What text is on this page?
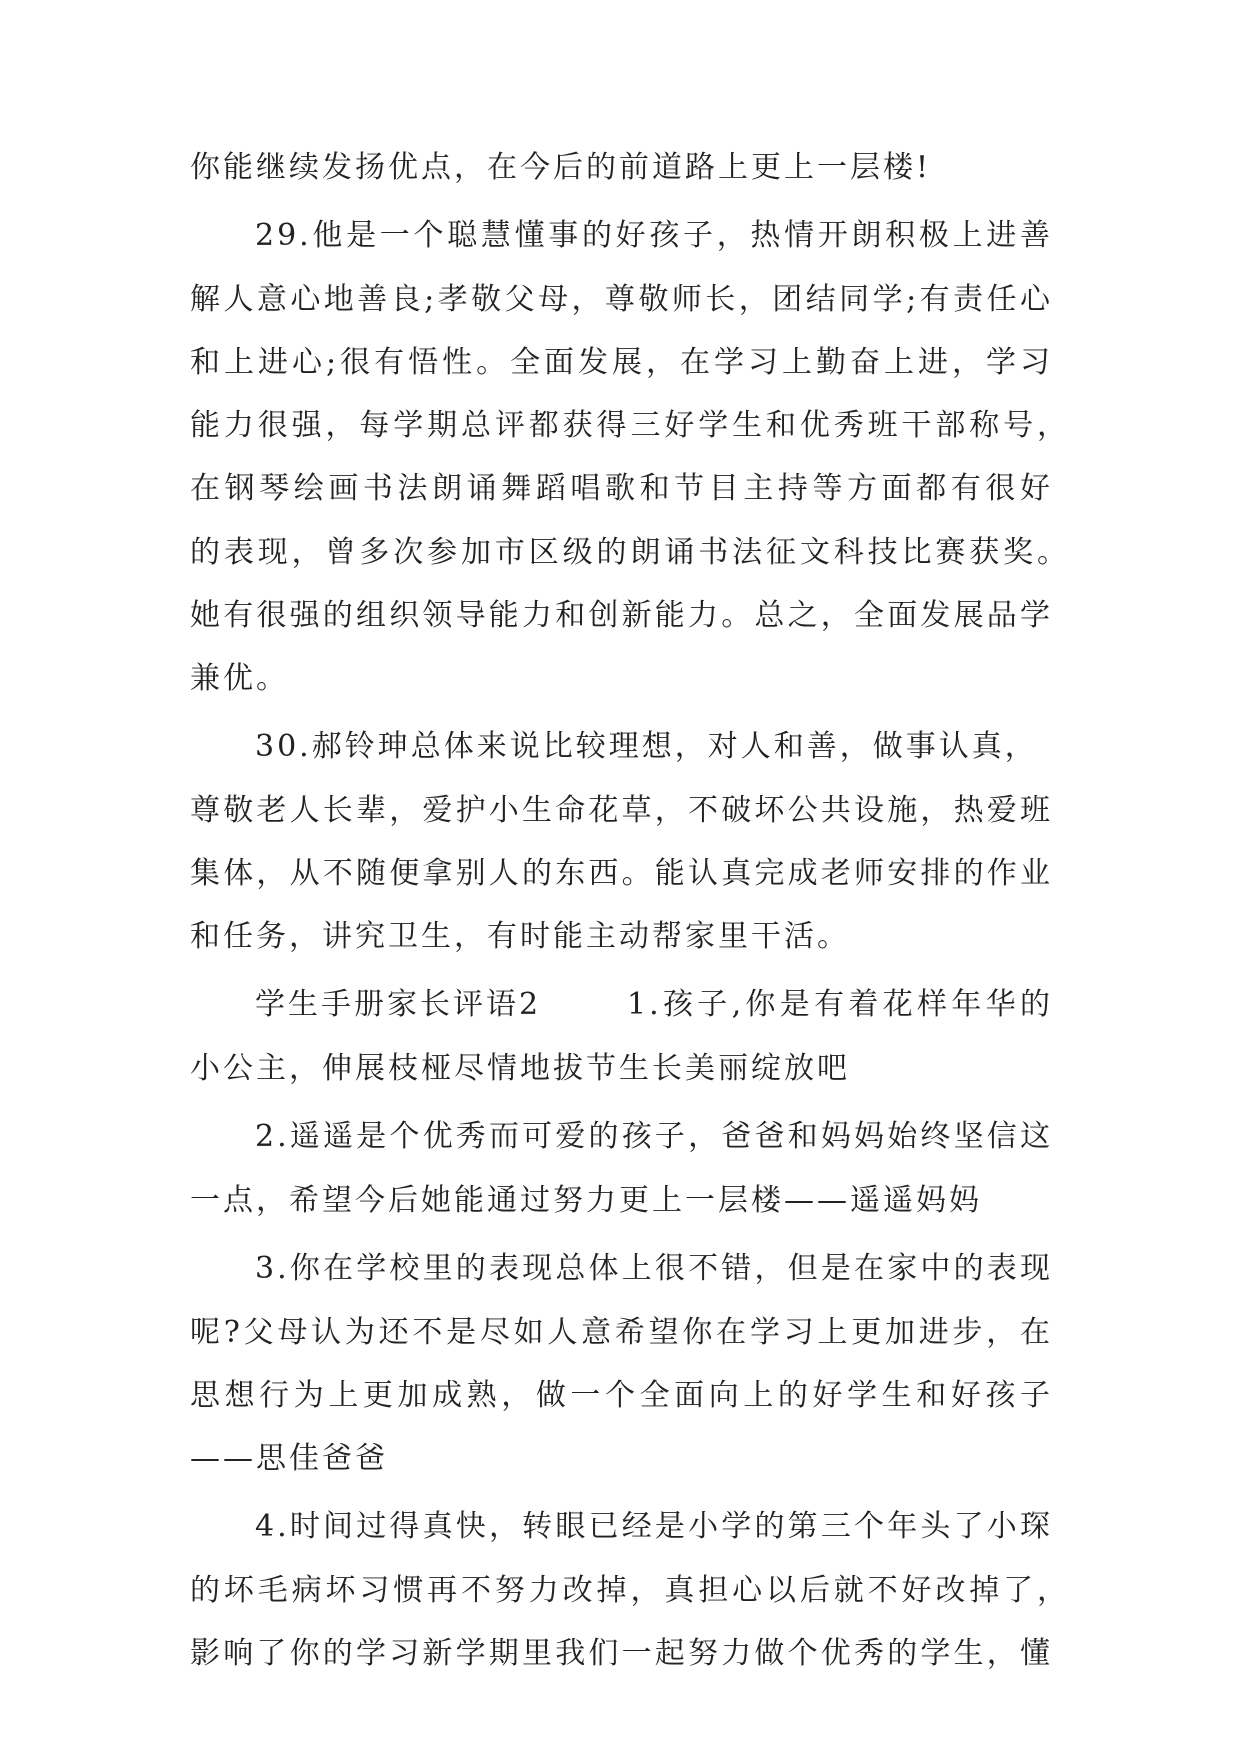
你能继续发扬优点，在今后的前道路上更上一层楼!
29.他是一个聪慧懂事的好孩子，热情开朗积极上进善
解人意心地善良;孝敬父母，尊敬师长，团结同学;有责任心
和上进心;很有悟性。全面发展，在学习上勤奋上进，学习
能力很强，每学期总评都获得三好学生和优秀班干部称号，
在钢琴绘画书法朗诵舞蹈唱歌和节目主持等方面都有很好
的表现，曾多次参加市区级的朗诵书法征文科技比赛获奖。
她有很强的组织领导能力和创新能力。总之，全面发展品学
兼优。
30.郝铃珅总体来说比较理想，对人和善，做事认真，
尊敬老人长辈，爱护小生命花草，不破坏公共设施，热爱班
集体，从不随便拿别人的东西。能认真完成老师安排的作业
和任务，讲究卫生，有时能主动帮家里干活。
学生手册家长评语2	1.孩子,你是有着花样年华的
小公主，伸展枝桠尽情地拔节生长美丽绽放吧
2.遥遥是个优秀而可爱的孩子，爸爸和妈妈始终坚信这
一点，希望今后她能通过努力更上一层楼——遥遥妈妈
3.你在学校里的表现总体上很不错，但是在家中的表现
呢?父母认为还不是尽如人意希望你在学习上更加进步，在
思想行为上更加成熟，做一个全面向上的好学生和好孩子
——思佳爸爸
4.时间过得真快，转眼已经是小学的第三个年头了小琛
的坏毛病坏习惯再不努力改掉，真担心以后就不好改掉了，
影响了你的学习新学期里我们一起努力做个优秀的学生，懂
